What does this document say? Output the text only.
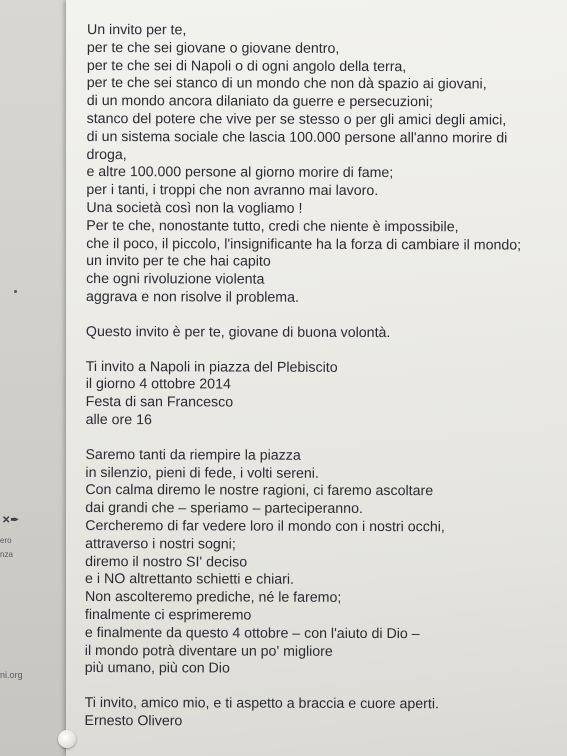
✕✒
ero
nza
ni.org
Un invito per te,
per te che sei giovane o giovane dentro,
per te che sei di Napoli o di ogni angolo della terra,
per te che sei stanco di un mondo che non dà spazio ai giovani,
di un mondo ancora dilaniato da guerre e persecuzioni;
stanco del potere che vive per se stesso o per gli amici degli amici,
di un sistema sociale che lascia 100.000 persone all'anno morire di
droga,
e altre 100.000 persone al giorno morire di fame;
per i tanti, i troppi che non avranno mai lavoro.
Una società così non la vogliamo !
Per te che, nonostante tutto, credi che niente è impossibile,
che il poco, il piccolo, l'insignificante ha la forza di cambiare il mondo;
un invito per te che hai capito
che ogni rivoluzione violenta
aggrava e non risolve il problema.
Questo invito è per te, giovane di buona volontà.
Ti invito a Napoli in piazza del Plebiscito
il giorno 4 ottobre 2014
Festa di san Francesco
alle ore 16
Saremo tanti da riempire la piazza
in silenzio, pieni di fede, i volti sereni.
Con calma diremo le nostre ragioni, ci faremo ascoltare
dai grandi che – speriamo – parteciperanno.
Cercheremo di far vedere loro il mondo con i nostri occhi,
attraverso i nostri sogni;
diremo il nostro SI' deciso
e i NO altrettanto schietti e chiari.
Non ascolteremo prediche, né le faremo;
finalmente ci esprimeremo
e finalmente da questo 4 ottobre – con l'aiuto di Dio –
il mondo potrà diventare un po' migliore
più umano, più con Dio
Ti invito, amico mio, e ti aspetto a braccia e cuore aperti.
Ernesto Olivero
